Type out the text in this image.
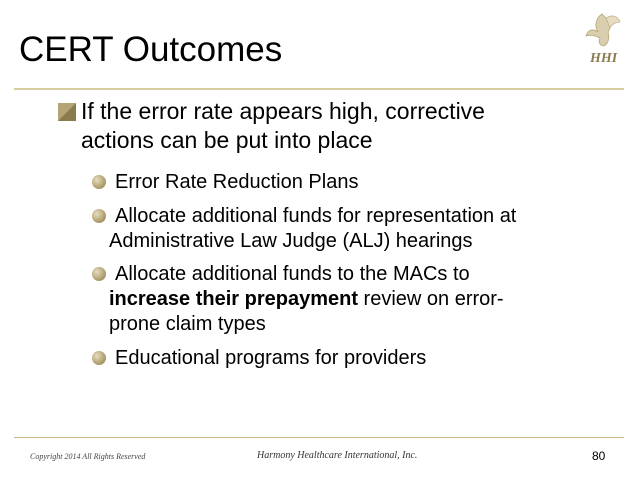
CERT Outcomes	HHI
If the error rate appears high, corrective
actions can be put into place
Error Rate Reduction Plans
Allocate additional funds for representation at
Administrative Law Judge (ALJ) hearings
Allocate additional funds to the MACs to
increase their prepayment review on error-
prone claim types
Educational programs for providers
Copyright 2014 All Rights Reserved	Harmony Healthcare International, Inc.	80
